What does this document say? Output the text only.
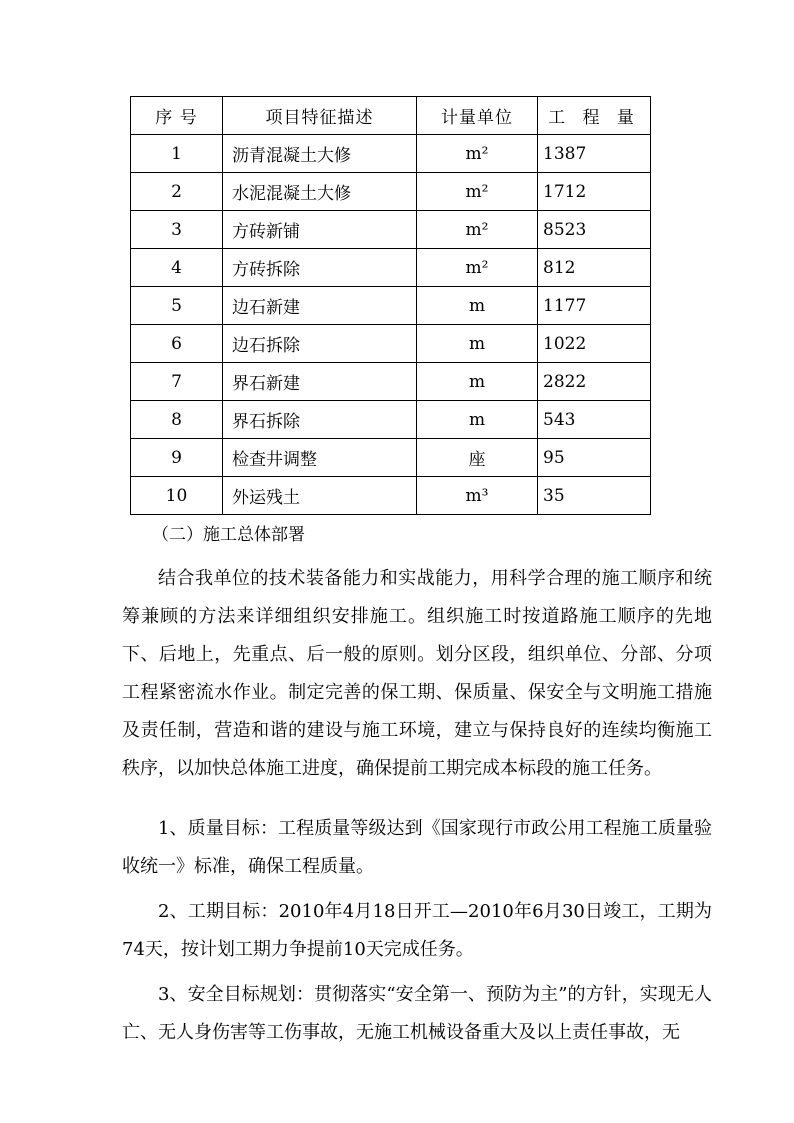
序 号	项目特征描述	计量单位	工 程 量
1	沥青混凝土大修	m²	1387
2	水泥混凝土大修	m²	1712
3	方砖新铺	m²	8523
4	方砖拆除	m²	812
5	边石新建	m	1177
6	边石拆除	m	1022
7	界石新建	m	2822
8	界石拆除	m	543
9	检查井调整	座	95
10	外运残土	m³	35
（二）施工总体部署

结合我单位的技术装备能力和实战能力，用科学合理的施工顺序和统筹兼顾的方法来详细组织安排施工。组织施工时按道路施工顺序的先地下、后地上，先重点、后一般的原则。划分区段，组织单位、分部、分项工程紧密流水作业。制定完善的保工期、保质量、保安全与文明施工措施及责任制，营造和谐的建设与施工环境，建立与保持良好的连续均衡施工秩序，以加快总体施工进度，确保提前工期完成本标段的施工任务。

1、质量目标：工程质量等级达到《国家现行市政公用工程施工质量验收统一》标准，确保工程质量。

2、工期目标：2010年4月18日开工—2010年6月30日竣工，工期为74天，按计划工期力争提前10天完成任务。

3、安全目标规划：贯彻落实“安全第一、预防为主”的方针，实现无人亡、无人身伤害等工伤事故，无施工机械设备重大及以上责任事故，无
